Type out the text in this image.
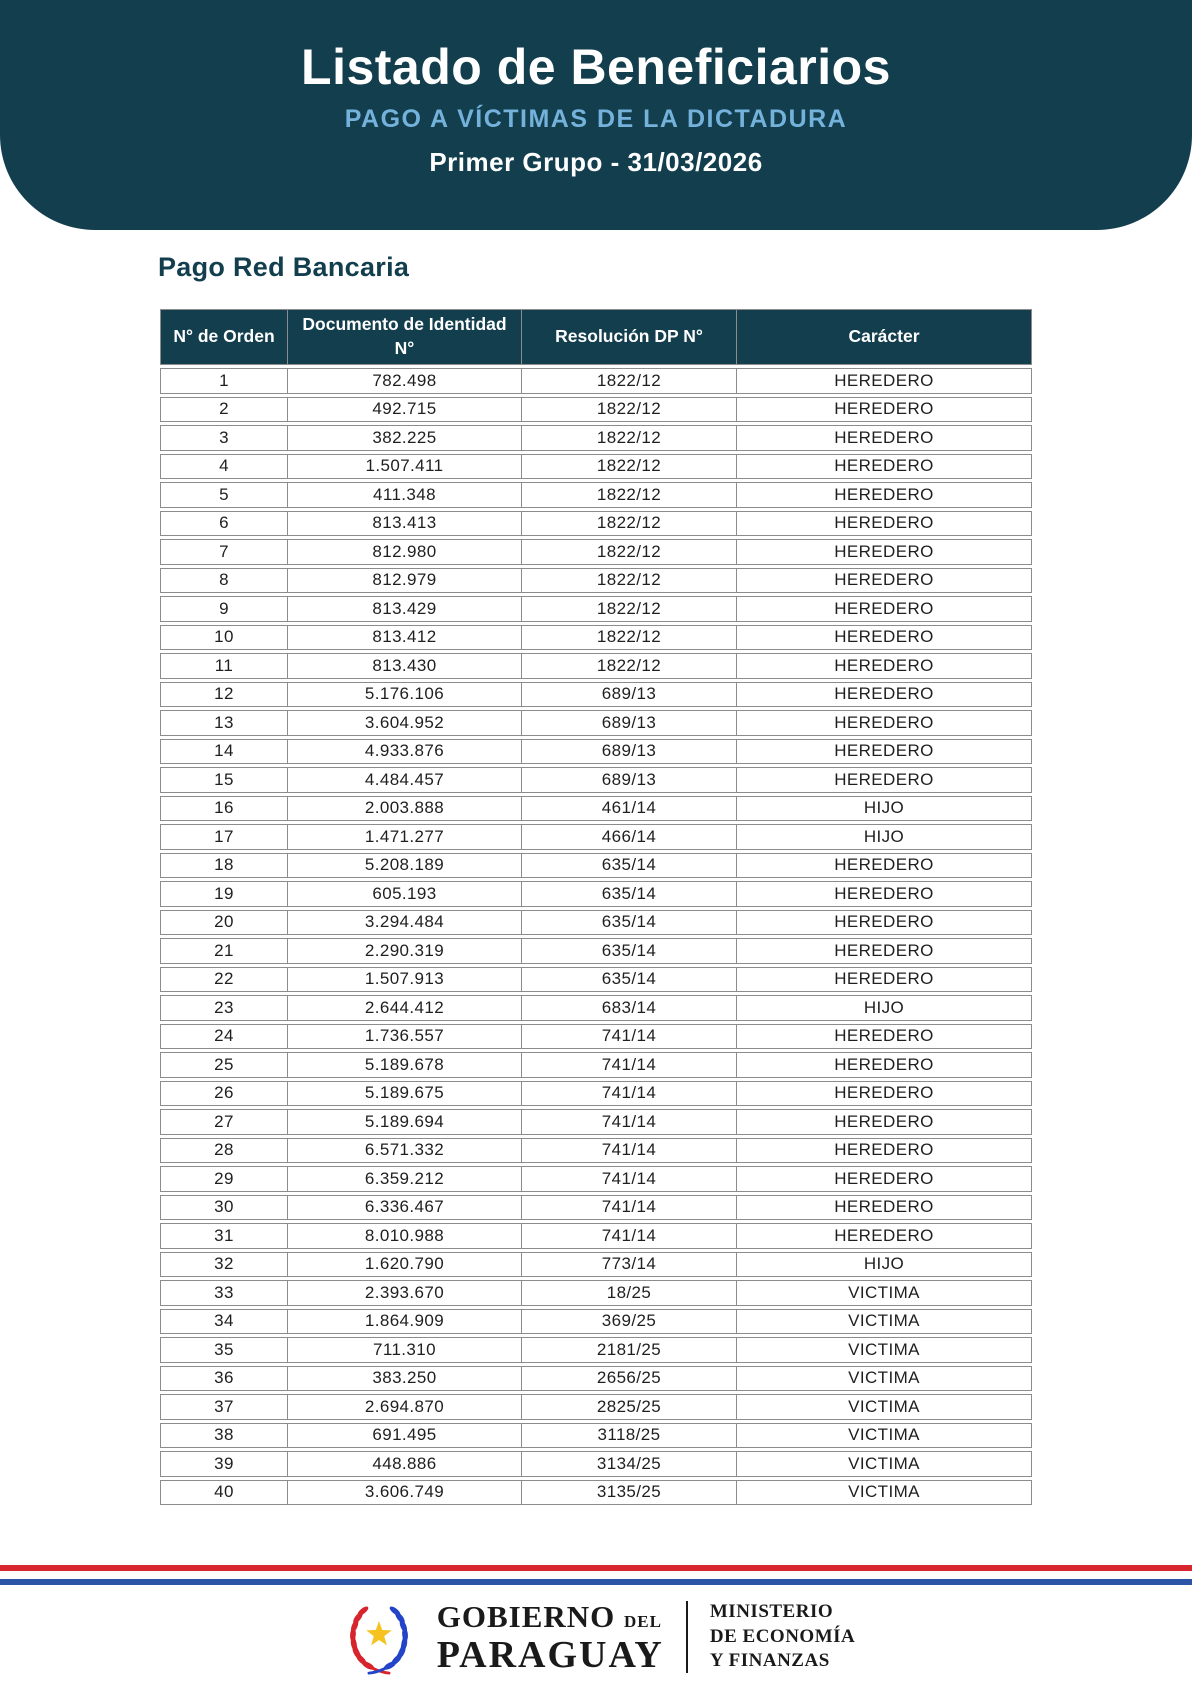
Listado de Beneficiarios
PAGO A VÍCTIMAS DE LA DICTADURA
Primer Grupo - 31/03/2026
Pago Red Bancaria
N° de Orden	Documento de Identidad N°	Resolución DP N°	Carácter
1	782.498	1822/12	HEREDERO
2	492.715	1822/12	HEREDERO
3	382.225	1822/12	HEREDERO
4	1.507.411	1822/12	HEREDERO
5	411.348	1822/12	HEREDERO
6	813.413	1822/12	HEREDERO
7	812.980	1822/12	HEREDERO
8	812.979	1822/12	HEREDERO
9	813.429	1822/12	HEREDERO
10	813.412	1822/12	HEREDERO
11	813.430	1822/12	HEREDERO
12	5.176.106	689/13	HEREDERO
13	3.604.952	689/13	HEREDERO
14	4.933.876	689/13	HEREDERO
15	4.484.457	689/13	HEREDERO
16	2.003.888	461/14	HIJO
17	1.471.277	466/14	HIJO
18	5.208.189	635/14	HEREDERO
19	605.193	635/14	HEREDERO
20	3.294.484	635/14	HEREDERO
21	2.290.319	635/14	HEREDERO
22	1.507.913	635/14	HEREDERO
23	2.644.412	683/14	HIJO
24	1.736.557	741/14	HEREDERO
25	5.189.678	741/14	HEREDERO
26	5.189.675	741/14	HEREDERO
27	5.189.694	741/14	HEREDERO
28	6.571.332	741/14	HEREDERO
29	6.359.212	741/14	HEREDERO
30	6.336.467	741/14	HEREDERO
31	8.010.988	741/14	HEREDERO
32	1.620.790	773/14	HIJO
33	2.393.670	18/25	VICTIMA
34	1.864.909	369/25	VICTIMA
35	711.310	2181/25	VICTIMA
36	383.250	2656/25	VICTIMA
37	2.694.870	2825/25	VICTIMA
38	691.495	3118/25	VICTIMA
39	448.886	3134/25	VICTIMA
40	3.606.749	3135/25	VICTIMA
GOBIERNO DEL
PARAGUAY
MINISTERIO
DE ECONOMÍA
Y FINANZAS
